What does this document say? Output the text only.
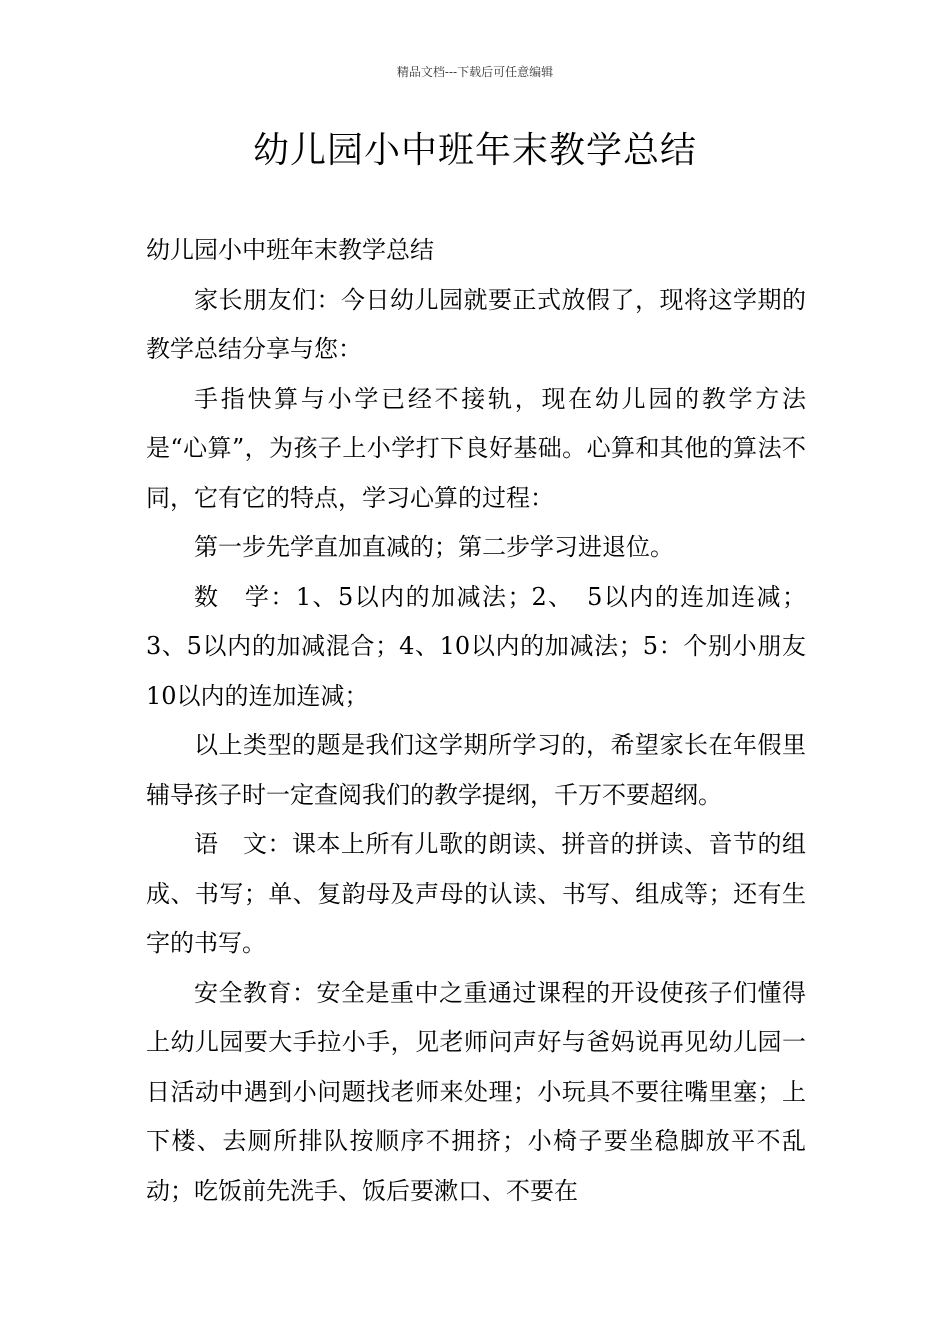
精品文档---下载后可任意编辑
幼儿园小中班年末教学总结

幼儿园小中班年末教学总结

家长朋友们：今日幼儿园就要正式放假了，现将这学期的教学总结分享与您：

手指快算与小学已经不接轨，现在幼儿园的教学方法是“心算”，为孩子上小学打下良好基础。心算和其他的算法不同，它有它的特点，学习心算的过程：

第一步先学直加直减的；第二步学习进退位。

数　学：1、5以内的加减法；2、　5以内的连加连减；3、5以内的加减混合；4、10以内的加减法；5：个别小朋友10以内的连加连减；

以上类型的题是我们这学期所学习的，希望家长在年假里辅导孩子时一定查阅我们的教学提纲，千万不要超纲。

语　文：课本上所有儿歌的朗读、拼音的拼读、音节的组成、书写；单、复韵母及声母的认读、书写、组成等；还有生字的书写。

安全教育：安全是重中之重通过课程的开设使孩子们懂得上幼儿园要大手拉小手，见老师问声好与爸妈说再见幼儿园一日活动中遇到小问题找老师来处理；小玩具不要往嘴里塞；上下楼、去厕所排队按顺序不拥挤；小椅子要坐稳脚放平不乱动；吃饭前先洗手、饭后要漱口、不要在
